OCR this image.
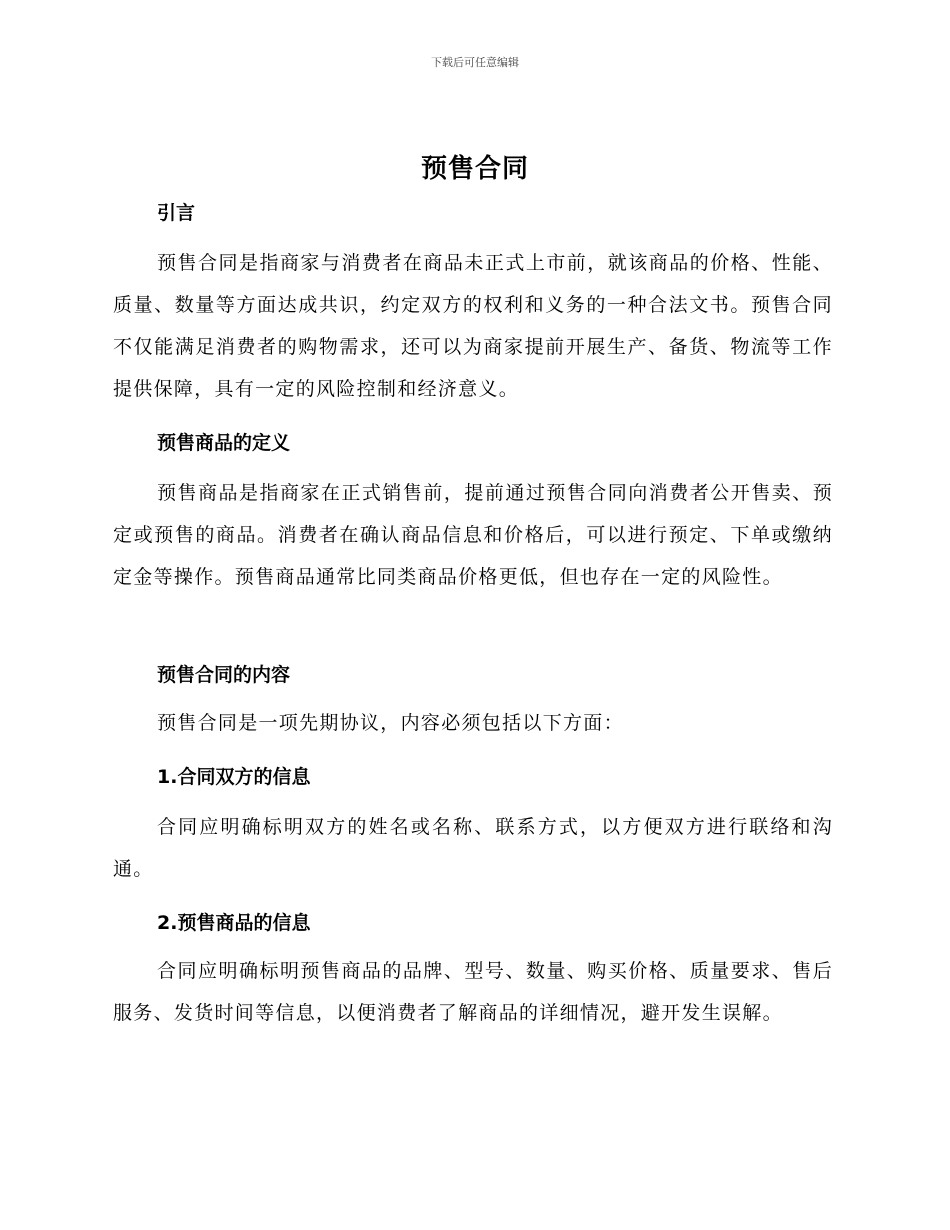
下载后可任意编辑
预售合同
引言
预售合同是指商家与消费者在商品未正式上市前，就该商品的价格、性能、质量、数量等方面达成共识，约定双方的权利和义务的一种合法文书。预售合同不仅能满足消费者的购物需求，还可以为商家提前开展生产、备货、物流等工作提供保障，具有一定的风险控制和经济意义。
预售商品的定义
预售商品是指商家在正式销售前，提前通过预售合同向消费者公开售卖、预定或预售的商品。消费者在确认商品信息和价格后，可以进行预定、下单或缴纳定金等操作。预售商品通常比同类商品价格更低，但也存在一定的风险性。
预售合同的内容
预售合同是一项先期协议，内容必须包括以下方面：
1.合同双方的信息
合同应明确标明双方的姓名或名称、联系方式，以方便双方进行联络和沟通。
2.预售商品的信息
合同应明确标明预售商品的品牌、型号、数量、购买价格、质量要求、售后服务、发货时间等信息，以便消费者了解商品的详细情况，避开发生误解。
